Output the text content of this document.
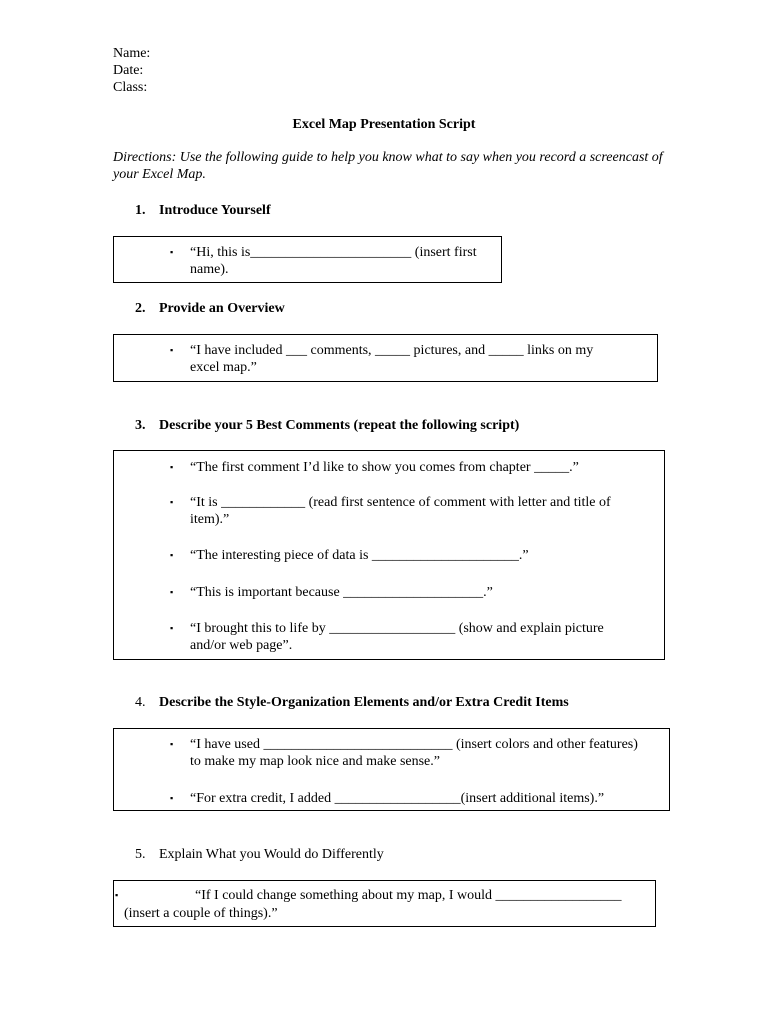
Name:
Date:
Class:
Excel Map Presentation Script
Directions: Use the following guide to help you know what to say when you record a screencast of your Excel Map.
1. Introduce Yourself
▪ “Hi, this is_______________________ (insert first
name).
2. Provide an Overview
▪ “I have included ___ comments, _____ pictures, and _____ links on my
excel map.”
3. Describe your 5 Best Comments (repeat the following script)
▪ “The first comment I’d like to show you comes from chapter _____.”
▪ “It is ____________ (read first sentence of comment with letter and title of
item).”
▪ “The interesting piece of data is _____________________.”
▪ “This is important because ____________________.”
▪ “I brought this to life by __________________ (show and explain picture
and/or web page”.
4. Describe the Style-Organization Elements and/or Extra Credit Items
▪ “I have used ___________________________ (insert colors and other features)
to make my map look nice and make sense.”
▪ “For extra credit, I added __________________(insert additional items).”
5. Explain What you Would do Differently
▪	“If I could change something about my map, I would __________________
(insert a couple of things).”
